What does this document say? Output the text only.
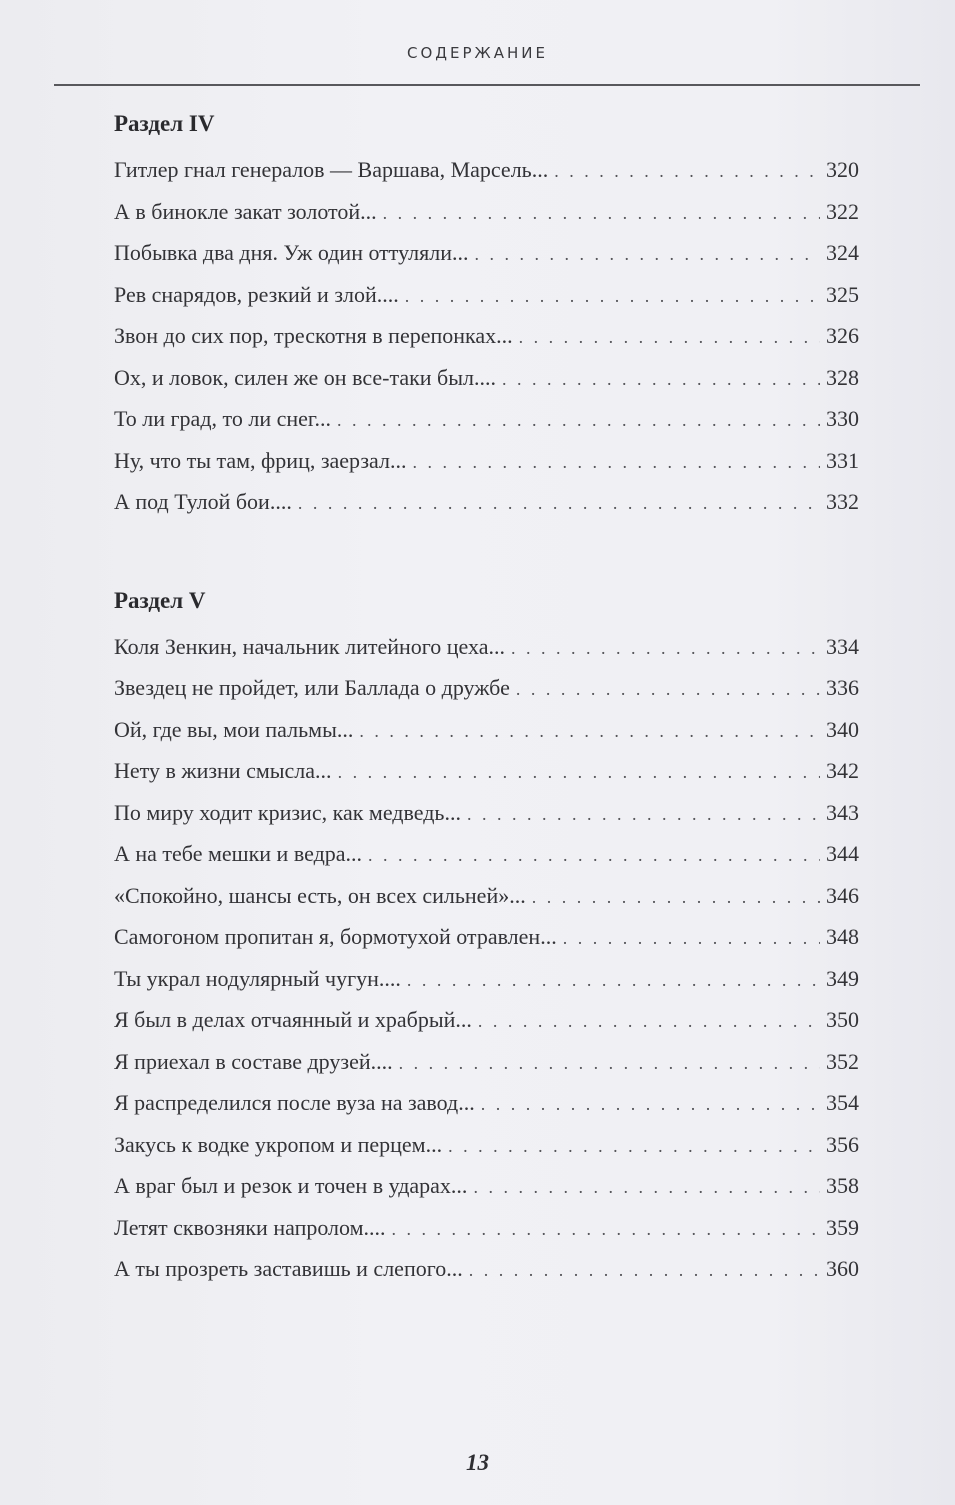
СОДЕРЖАНИЕ
Раздел IV
Гитлер гнал генералов — Варшава, Марсель... . . .	320
А в бинокле закат золотой... . . .	322
Побывка два дня. Уж один оттуляли... . . .	324
Рев снарядов, резкий и злой.... . . .	325
Звон до сих пор, трескотня в перепонках... . . .	326
Ох, и ловок, силен же он все-таки был.... . . .	328
То ли град, то ли снег... . . .	330
Ну, что ты там, фриц, заерзал... . . .	331
А под Тулой бои.... . . .	332
Раздел V
Коля Зенкин, начальник литейного цеха... . . .	334
Звездец не пройдет, или Баллада о дружбе . . .	336
Ой, где вы, мои пальмы... . . .	340
Нету в жизни смысла... . . .	342
По миру ходит кризис, как медведь... . . .	343
А на тебе мешки и ведра... . . .	344
«Спокойно, шансы есть, он всех сильней»... . . .	346
Самогоном пропитан я, бормотухой отравлен... . . .	348
Ты украл нодулярный чугун.... . . .	349
Я был в делах отчаянный и храбрый... . . .	350
Я приехал в составе друзей.... . . .	352
Я распределился после вуза на завод... . . .	354
Закусь к водке укропом и перцем... . . .	356
А враг был и резок и точен в ударах... . . .	358
Летят сквозняки напролом.... . . .	359
А ты прозреть заставишь и слепого... . . .	360
13
